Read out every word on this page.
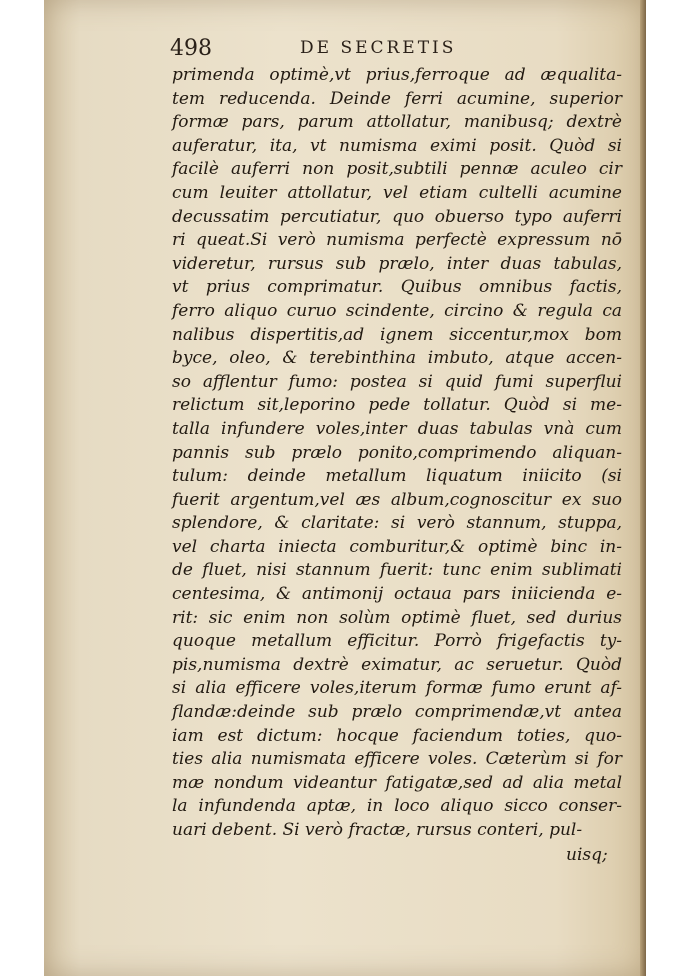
498	DE SECRETIS
primenda optimè,vt prius,ferroque ad æqualita-
tem reducenda. Deinde ferri acumine, superior
formæ pars, parum attollatur, manibusq; dextrè
auferatur, ita, vt numisma eximi posit. Quòd si
facilè auferri non posit,subtili pennæ aculeo cir
cum leuiter attollatur, vel etiam cultelli acumine
decussatim percutiatur, quo obuerso typo auferri
ri queat.Si verò numisma perfectè expressum nō
videretur, rursus sub prælo, inter duas tabulas,
vt prius comprimatur. Quibus omnibus factis,
ferro aliquo curuo scindente, circino & regula ca
nalibus dispertitis,ad ignem siccentur,mox bom
byce, oleo, & terebinthina imbuto, atque accen-
so afflentur fumo: postea si quid fumi superflui
relictum sit,leporino pede tollatur. Quòd si me-
talla infundere voles,inter duas tabulas vnà cum
pannis sub prælo ponito,comprimendo aliquan-
tulum: deinde metallum liquatum iniicito (si
fuerit argentum,vel æs album,cognoscitur ex suo
splendore, & claritate: si verò stannum, stuppa,
vel charta iniecta comburitur,& optimè binc in-
de fluet, nisi stannum fuerit: tunc enim sublimati
centesima, & antimonij octaua pars iniicienda e-
rit: sic enim non solùm optimè fluet, sed durius
quoque metallum efficitur. Porrò frigefactis ty-
pis,numisma dextrè eximatur, ac seruetur. Quòd
si alia efficere voles,iterum formæ fumo erunt af-
flandæ:deinde sub prælo comprimendæ,vt antea
iam est dictum: hocque faciendum toties, quo-
ties alia numismata efficere voles. Cæterùm si for
mæ nondum videantur fatigatæ,sed ad alia metal
la infundenda aptæ, in loco aliquo sicco conser-
uari debent. Si verò fractæ, rursus conteri, pul-
uisq;
